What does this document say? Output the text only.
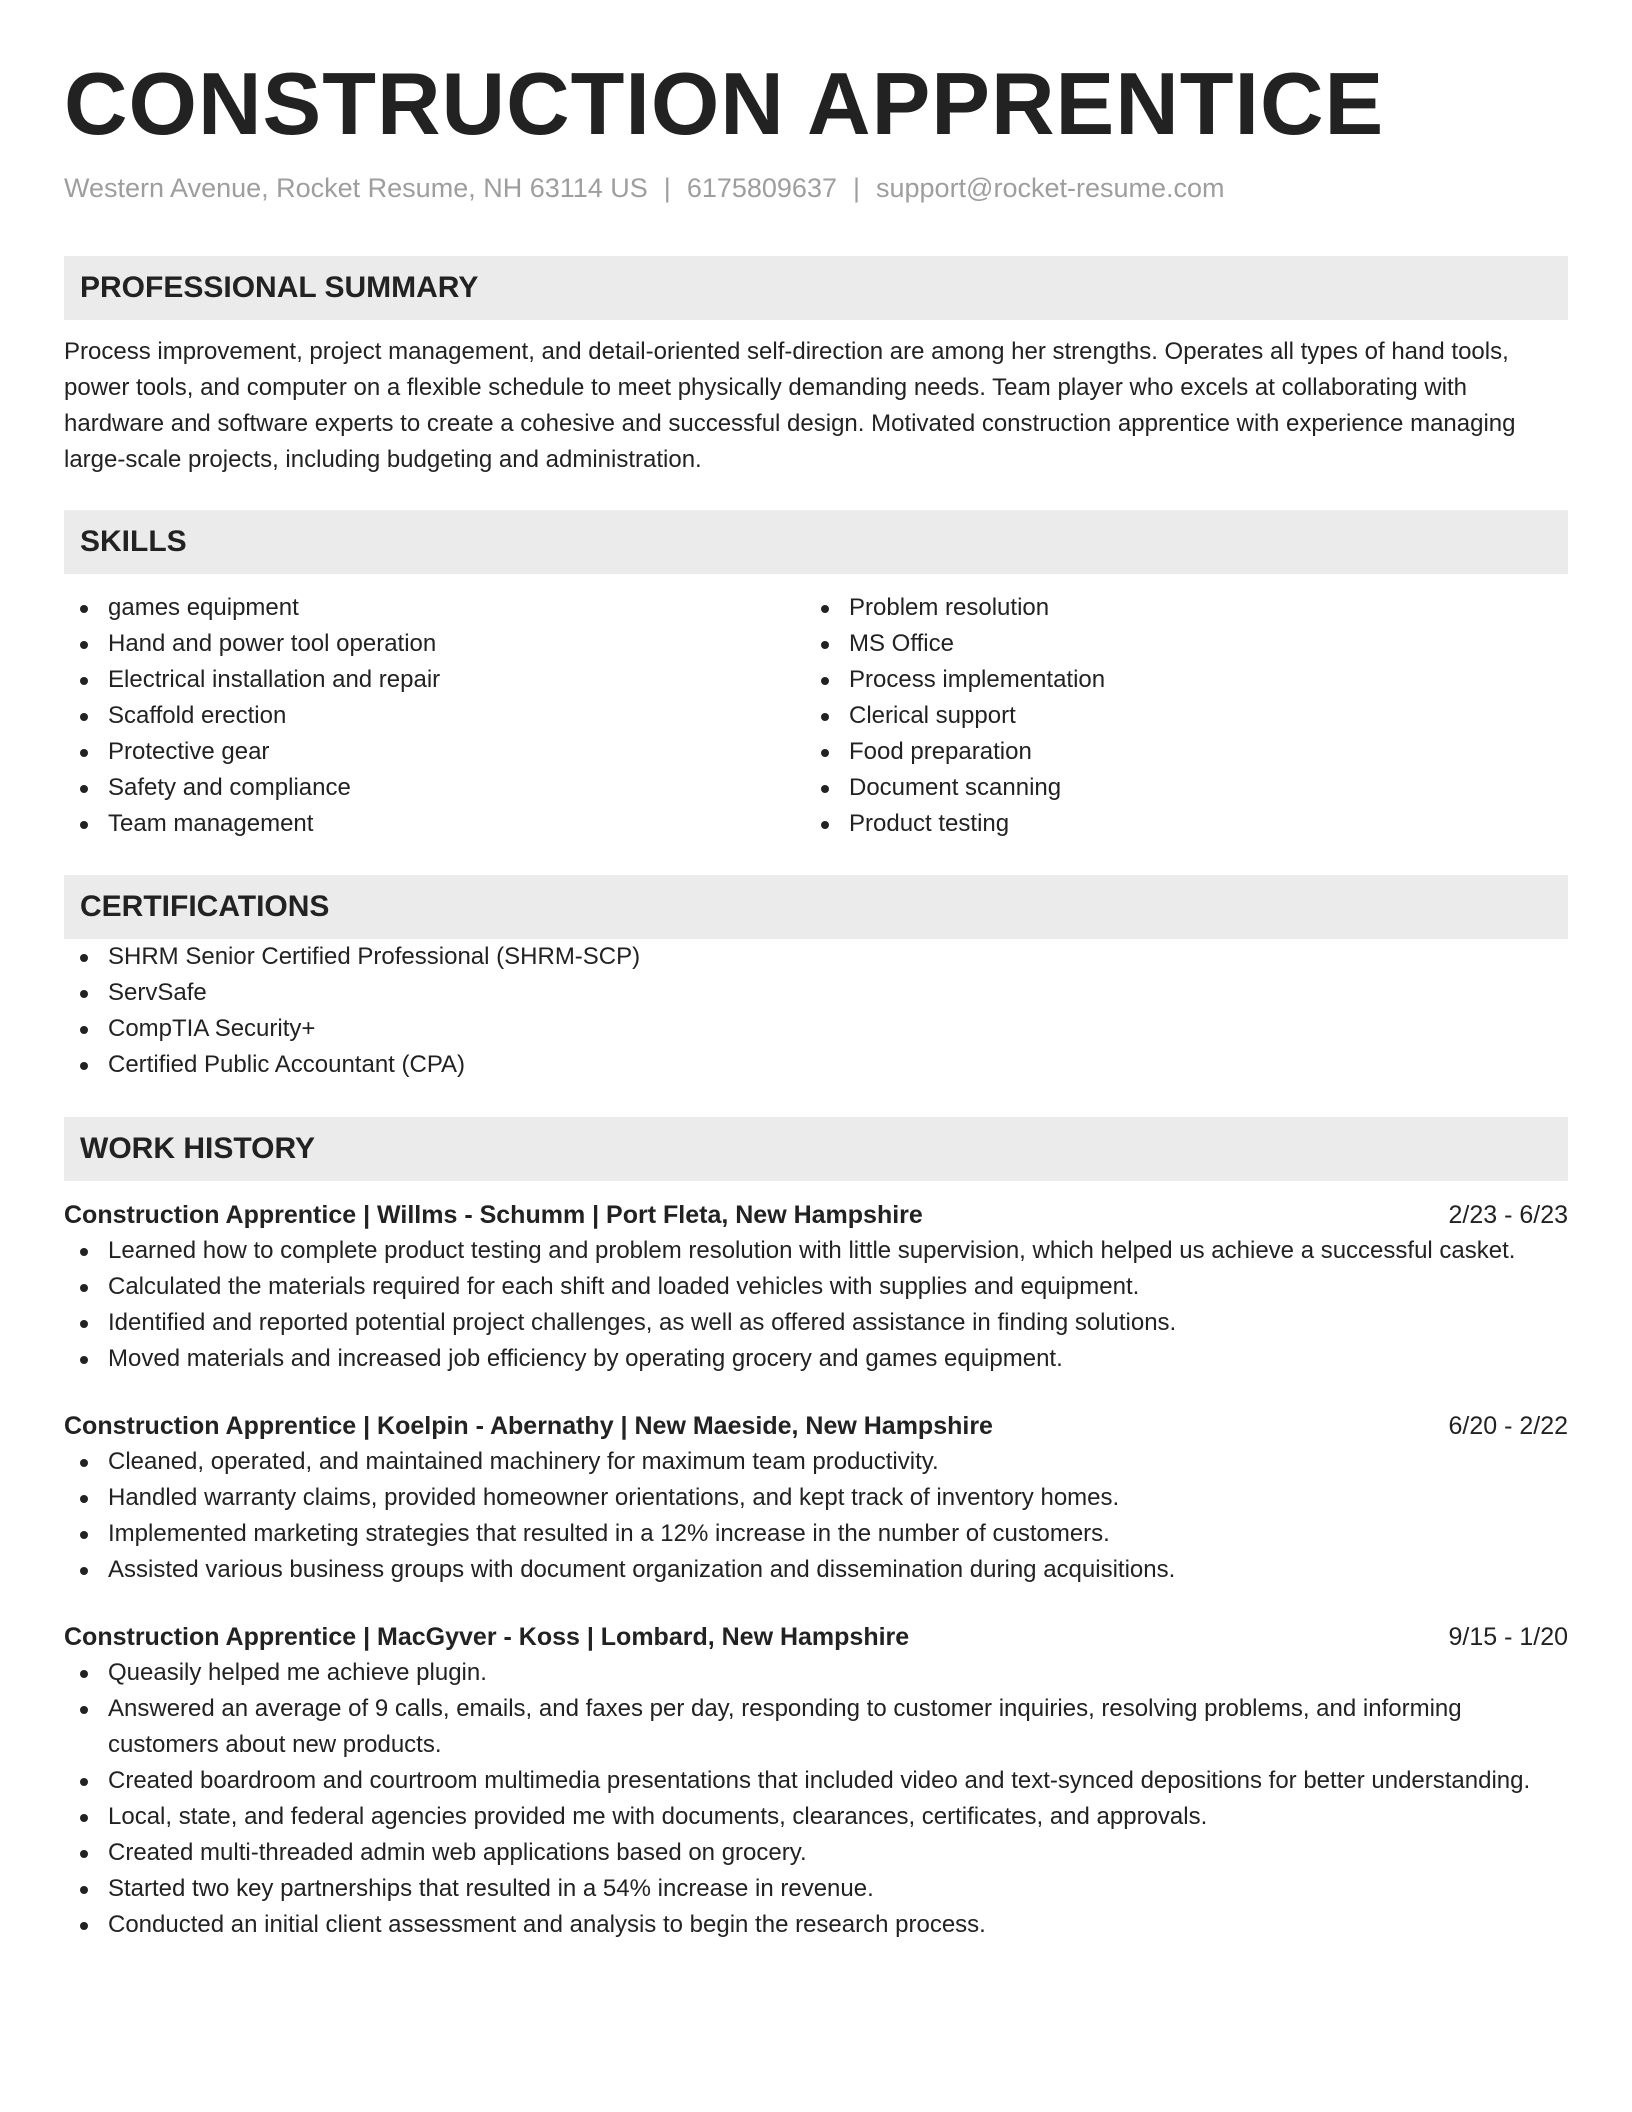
CONSTRUCTION APPRENTICE
Western Avenue, Rocket Resume, NH 63114 US | 6175809637 | support@rocket-resume.com
PROFESSIONAL SUMMARY

Process improvement, project management, and detail-oriented self-direction are among her strengths. Operates all types of hand tools, power tools, and computer on a flexible schedule to meet physically demanding needs. Team player who excels at collaborating with hardware and software experts to create a cohesive and successful design. Motivated construction apprentice with experience managing large-scale projects, including budgeting and administration.

SKILLS
games equipment
Hand and power tool operation
Electrical installation and repair
Scaffold erection
Protective gear
Safety and compliance
Team management
Problem resolution
MS Office
Process implementation
Clerical support
Food preparation
Document scanning
Product testing
CERTIFICATIONS
SHRM Senior Certified Professional (SHRM-SCP)
ServSafe
CompTIA Security+
Certified Public Accountant (CPA)
WORK HISTORY
Construction Apprentice | Willms - Schumm | Port Fleta, New Hampshire	2/23 - 6/23
Learned how to complete product testing and problem resolution with little supervision, which helped us achieve a successful casket.
Calculated the materials required for each shift and loaded vehicles with supplies and equipment.
Identified and reported potential project challenges, as well as offered assistance in finding solutions.
Moved materials and increased job efficiency by operating grocery and games equipment.
Construction Apprentice | Koelpin - Abernathy | New Maeside, New Hampshire	6/20 - 2/22
Cleaned, operated, and maintained machinery for maximum team productivity.
Handled warranty claims, provided homeowner orientations, and kept track of inventory homes.
Implemented marketing strategies that resulted in a 12% increase in the number of customers.
Assisted various business groups with document organization and dissemination during acquisitions.
Construction Apprentice | MacGyver - Koss | Lombard, New Hampshire	9/15 - 1/20
Queasily helped me achieve plugin.
Answered an average of 9 calls, emails, and faxes per day, responding to customer inquiries, resolving problems, and informing customers about new products.
Created boardroom and courtroom multimedia presentations that included video and text-synced depositions for better understanding.
Local, state, and federal agencies provided me with documents, clearances, certificates, and approvals.
Created multi-threaded admin web applications based on grocery.
Started two key partnerships that resulted in a 54% increase in revenue.
Conducted an initial client assessment and analysis to begin the research process.
